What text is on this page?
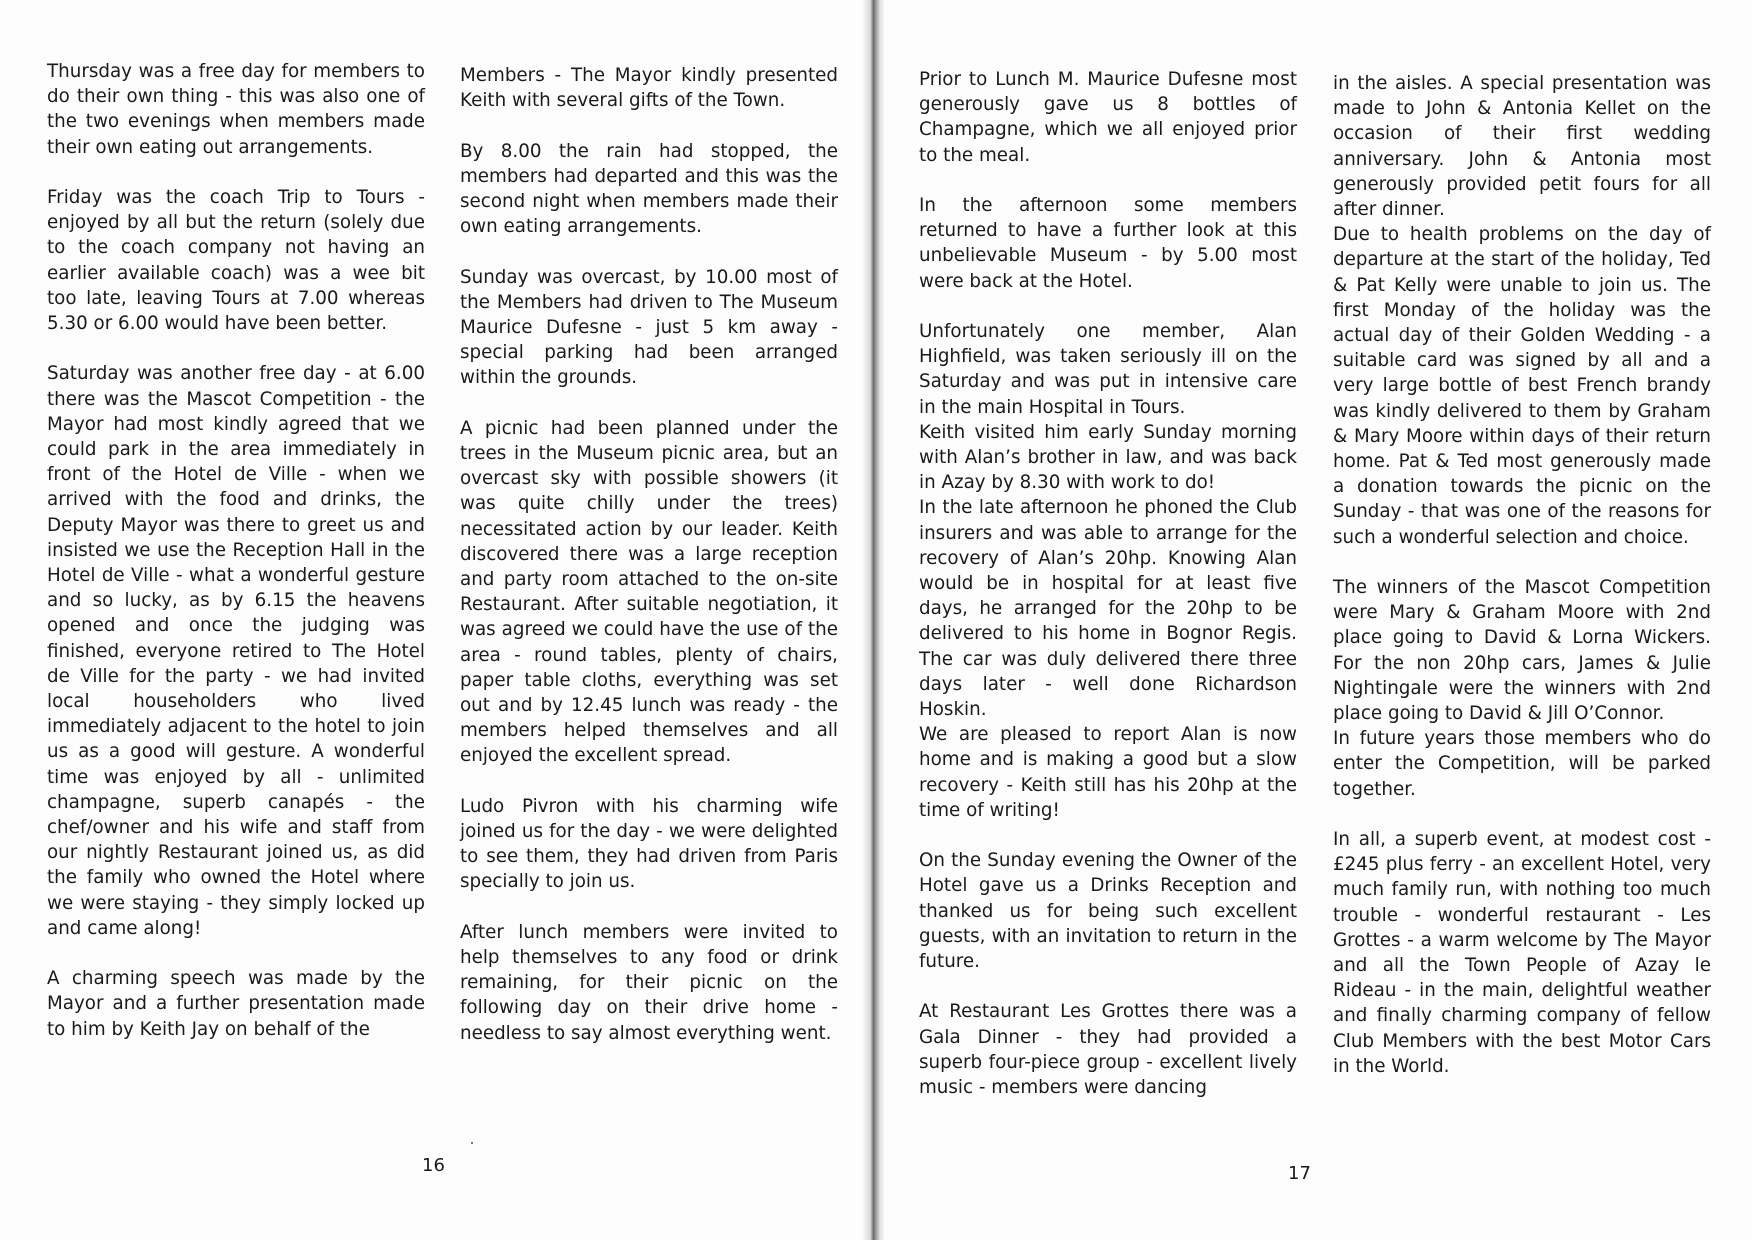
Thursday was a free day for members to do their own thing - this was also one of the two evenings when members made their own eating out arrangements.

Friday was the coach Trip to Tours - enjoyed by all but the return (solely due to the coach company not having an earlier available coach) was a wee bit too late, leaving Tours at 7.00 whereas 5.30 or 6.00 would have been better.

Saturday was another free day - at 6.00 there was the Mascot Competition - the Mayor had most kindly agreed that we could park in the area immediately in front of the Hotel de Ville - when we arrived with the food and drinks, the Deputy Mayor was there to greet us and insisted we use the Reception Hall in the Hotel de Ville - what a wonderful gesture and so lucky, as by 6.15 the heavens opened and once the judging was finished, everyone retired to The Hotel de Ville for the party - we had invited local householders who lived immediately adjacent to the hotel to join us as a good will gesture. A wonderful time was enjoyed by all - unlimited champagne, superb canapés - the chef/owner and his wife and staff from our nightly Restaurant joined us, as did the family who owned the Hotel where we were staying - they simply locked up and came along!

A charming speech was made by the Mayor and a further presentation made to him by Keith Jay on behalf of the

Members - The Mayor kindly presented Keith with several gifts of the Town.

By 8.00 the rain had stopped, the members had departed and this was the second night when members made their own eating arrangements.

Sunday was overcast, by 10.00 most of the Members had driven to The Museum Maurice Dufesne - just 5 km away - special parking had been arranged within the grounds.

A picnic had been planned under the trees in the Museum picnic area, but an overcast sky with possible showers (it was quite chilly under the trees) necessitated action by our leader. Keith discovered there was a large reception and party room attached to the on-site Restaurant. After suitable negotiation, it was agreed we could have the use of the area - round tables, plenty of chairs, paper table cloths, everything was set out and by 12.45 lunch was ready - the members helped themselves and all enjoyed the excellent spread.

Ludo Pivron with his charming wife joined us for the day - we were delighted to see them, they had driven from Paris specially to join us.

After lunch members were invited to help themselves to any food or drink remaining, for their picnic on the following day on their drive home - needless to say almost everything went.

16

Prior to Lunch M. Maurice Dufesne most generously gave us 8 bottles of Champagne, which we all enjoyed prior to the meal.

In the afternoon some members returned to have a further look at this unbelievable Museum - by 5.00 most were back at the Hotel.

Unfortunately one member, Alan Highfield, was taken seriously ill on the Saturday and was put in intensive care in the main Hospital in Tours.

Keith visited him early Sunday morning with Alan’s brother in law, and was back in Azay by 8.30 with work to do!

In the late afternoon he phoned the Club insurers and was able to arrange for the recovery of Alan’s 20hp. Knowing Alan would be in hospital for at least five days, he arranged for the 20hp to be delivered to his home in Bognor Regis. The car was duly delivered there three days later - well done Richardson Hoskin.

We are pleased to report Alan is now home and is making a good but a slow recovery - Keith still has his 20hp at the time of writing!

On the Sunday evening the Owner of the Hotel gave us a Drinks Reception and thanked us for being such excellent guests, with an invitation to return in the future.

At Restaurant Les Grottes there was a Gala Dinner - they had provided a superb four-piece group - excellent lively music - members were dancing

in the aisles. A special presentation was made to John & Antonia Kellet on the occasion of their first wedding anniversary. John & Antonia most generously provided petit fours for all after dinner.

Due to health problems on the day of departure at the start of the holiday, Ted & Pat Kelly were unable to join us. The first Monday of the holiday was the actual day of their Golden Wedding - a suitable card was signed by all and a very large bottle of best French brandy was kindly delivered to them by Graham & Mary Moore within days of their return home. Pat & Ted most generously made a donation towards the picnic on the Sunday - that was one of the reasons for such a wonderful selection and choice.

The winners of the Mascot Competition were Mary & Graham Moore with 2nd place going to David & Lorna Wickers. For the non 20hp cars, James & Julie Nightingale were the winners with 2nd place going to David & Jill O’Connor.

In future years those members who do enter the Competition, will be parked together.

In all, a superb event, at modest cost - £245 plus ferry - an excellent Hotel, very much family run, with nothing too much trouble - wonderful restaurant - Les Grottes - a warm welcome by The Mayor and all the Town People of Azay le Rideau - in the main, delightful weather and finally charming company of fellow Club Members with the best Motor Cars in the World.

17
